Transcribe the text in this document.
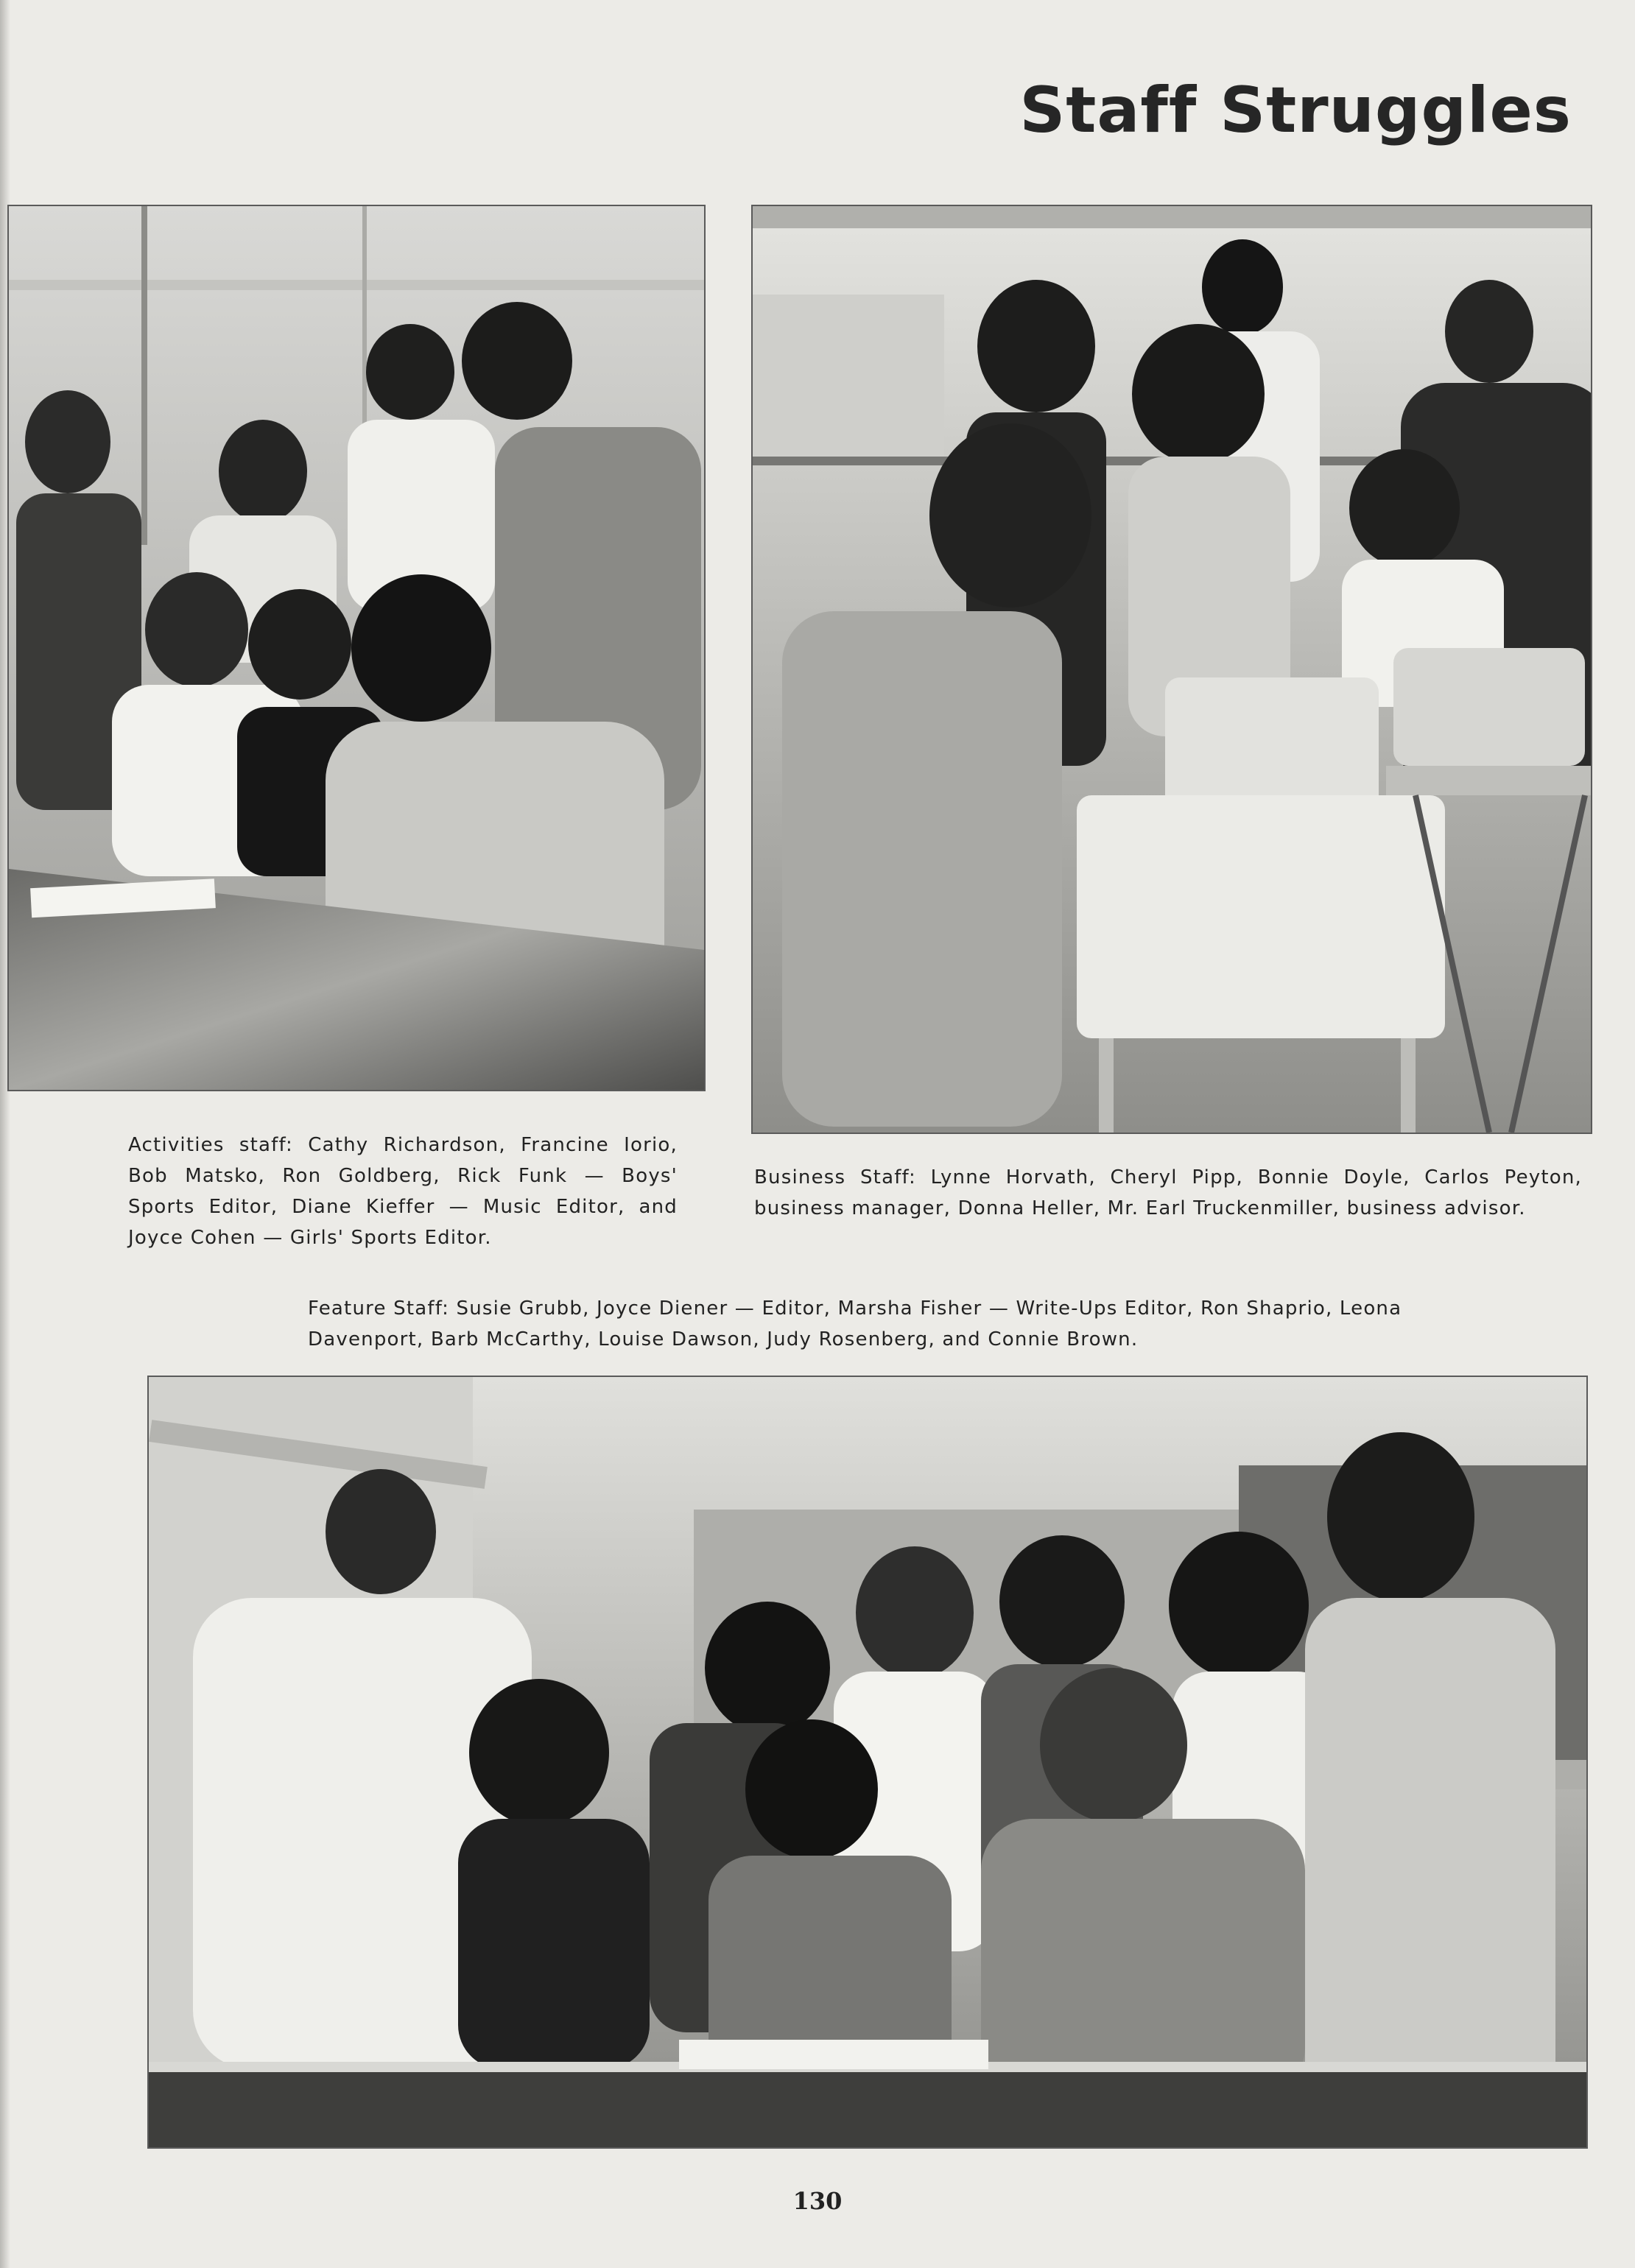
Staff Struggles

Activities staff: Cathy Richardson, Francine Iorio, Bob Matsko, Ron Goldberg, Rick Funk — Boys' Sports Editor, Diane Kieffer — Music Editor, and Joyce Cohen — Girls' Sports Editor.

Business Staff: Lynne Horvath, Cheryl Pipp, Bonnie Doyle, Carlos Peyton, business manager, Donna Heller, Mr. Earl Truckenmiller, business advisor.

Feature Staff: Susie Grubb, Joyce Diener — Editor, Marsha Fisher — Write-Ups Editor, Ron Shaprio, Leona Davenport, Barb McCarthy, Louise Dawson, Judy Rosenberg, and Connie Brown.

130
